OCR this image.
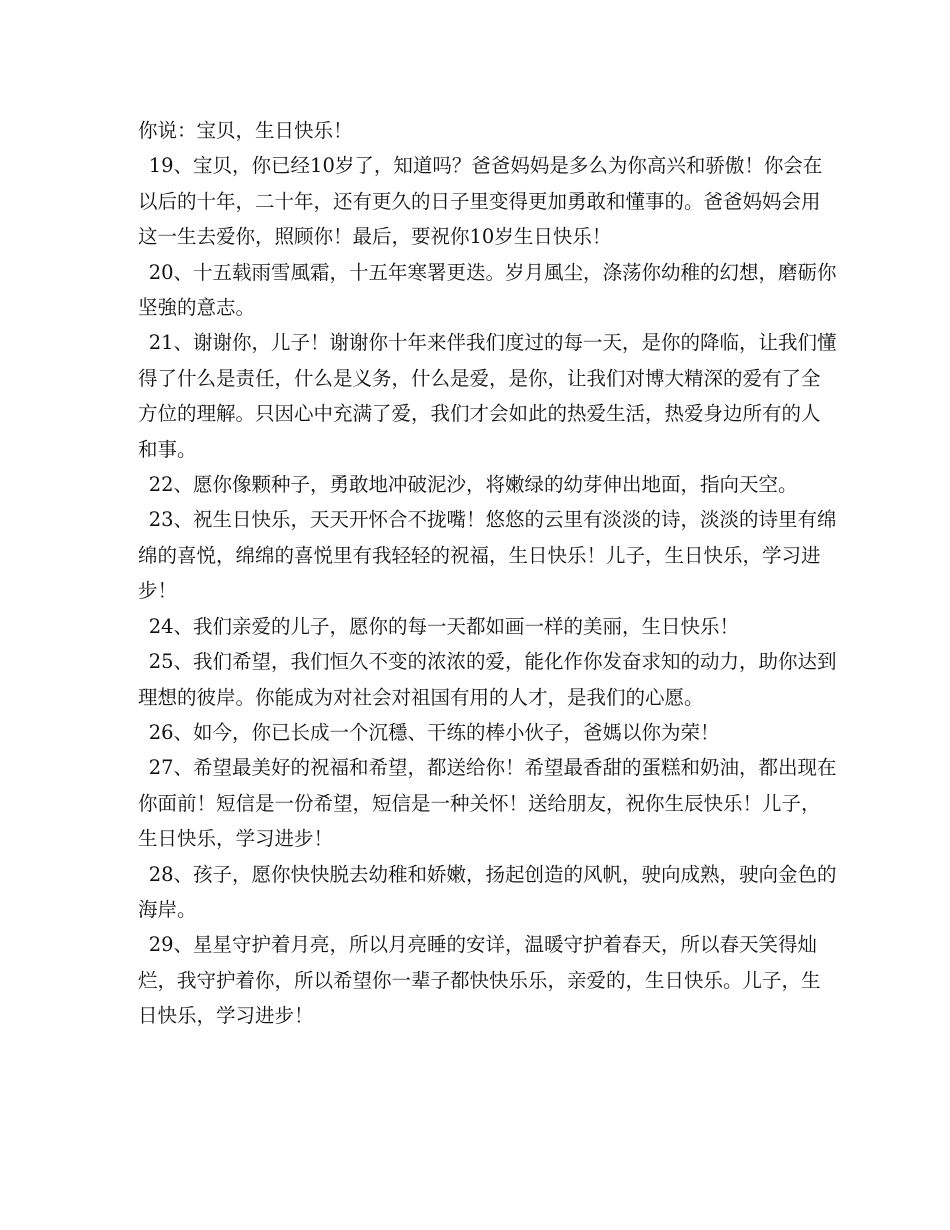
你说：宝贝，生日快乐！

19、宝贝，你已经10岁了，知道吗？爸爸妈妈是多么为你高兴和骄傲！你会在以后的十年，二十年，还有更久的日子里变得更加勇敢和懂事的。爸爸妈妈会用这一生去爱你，照顾你！最后，要祝你10岁生日快乐！

20、十五载雨雪風霜，十五年寒署更迭。岁月風尘，涤荡你幼稚的幻想，磨砺你坚強的意志。

21、谢谢你，儿子！谢谢你十年来伴我们度过的每一天，是你的降临，让我们懂得了什么是责任，什么是义务，什么是爱，是你，让我们对博大精深的爱有了全方位的理解。只因心中充满了爱，我们才会如此的热爱生活，热爱身边所有的人和事。

22、愿你像颗种子，勇敢地冲破泥沙，将嫩绿的幼芽伸出地面，指向天空。

23、祝生日快乐，天天开怀合不拢嘴！悠悠的云里有淡淡的诗，淡淡的诗里有绵绵的喜悦，绵绵的喜悦里有我轻轻的祝福，生日快乐！儿子，生日快乐，学习进步！

24、我们亲爱的儿子，愿你的每一天都如画一样的美丽，生日快乐！

25、我们希望，我们恒久不变的浓浓的爱，能化作你发奋求知的动力，助你达到理想的彼岸。你能成为对社会对祖国有用的人才，是我们的心愿。

26、如今，你已长成一个沉穩、干练的棒小伙子，爸媽以你为荣！

27、希望最美好的祝福和希望，都送给你！希望最香甜的蛋糕和奶油，都出现在你面前！短信是一份希望，短信是一种关怀！送给朋友，祝你生辰快乐！儿子，生日快乐，学习进步！

28、孩子，愿你快快脱去幼稚和娇嫩，扬起创造的风帆，驶向成熟，驶向金色的海岸。

29、星星守护着月亮，所以月亮睡的安详，温暖守护着春天，所以春天笑得灿烂，我守护着你，所以希望你一辈子都快快乐乐，亲爱的，生日快乐。儿子，生日快乐，学习进步！
